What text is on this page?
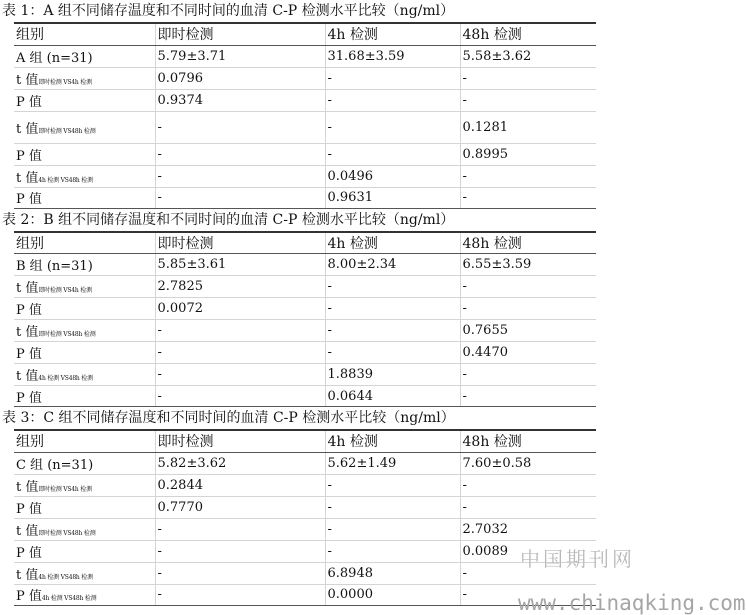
表 1：A 组不同储存温度和不同时间的血清 C-P 检测水平比较（ng/ml）
组别	即时检测	4h 检测	48h 检测
A 组 (n=31)	5.79±3.71	31.68±3.59	5.58±3.62
t 值即时检测 VS4h 检测	0.0796	-	-
P 值	0.9374	-	-
t 值即时检测 VS48h 检测	-	-	0.1281
P 值	-	-	0.8995
t 值4h 检测 VS48h 检测	-	0.0496	-
P 值	-	0.9631	-
表 2：B 组不同储存温度和不同时间的血清 C-P 检测水平比较（ng/ml）
组别	即时检测	4h 检测	48h 检测
B 组 (n=31)	5.85±3.61	8.00±2.34	6.55±3.59
t 值即时检测 VS4h 检测	2.7825	-	-
P 值	0.0072	-	-
t 值即时检测 VS48h 检测	-	-	0.7655
P 值	-	-	0.4470
t 值4h 检测 VS48h 检测	-	1.8839	-
P 值	-	0.0644	-
表 3：C 组不同储存温度和不同时间的血清 C-P 检测水平比较（ng/ml）
组别	即时检测	4h 检测	48h 检测
C 组 (n=31)	5.82±3.62	5.62±1.49	7.60±0.58
t 值即时检测 VS4h 检测	0.2844	-	-
P 值	0.7770	-	-
t 值即时检测 VS48h 检测	-	-	2.7032
P 值	-	-	0.0089
t 值4h 检测 VS48h 检测	-	6.8948	-
P 值4h 检测 VS48h 检测	-	0.0000	-
中国期刊网
www.chinaqking.com
